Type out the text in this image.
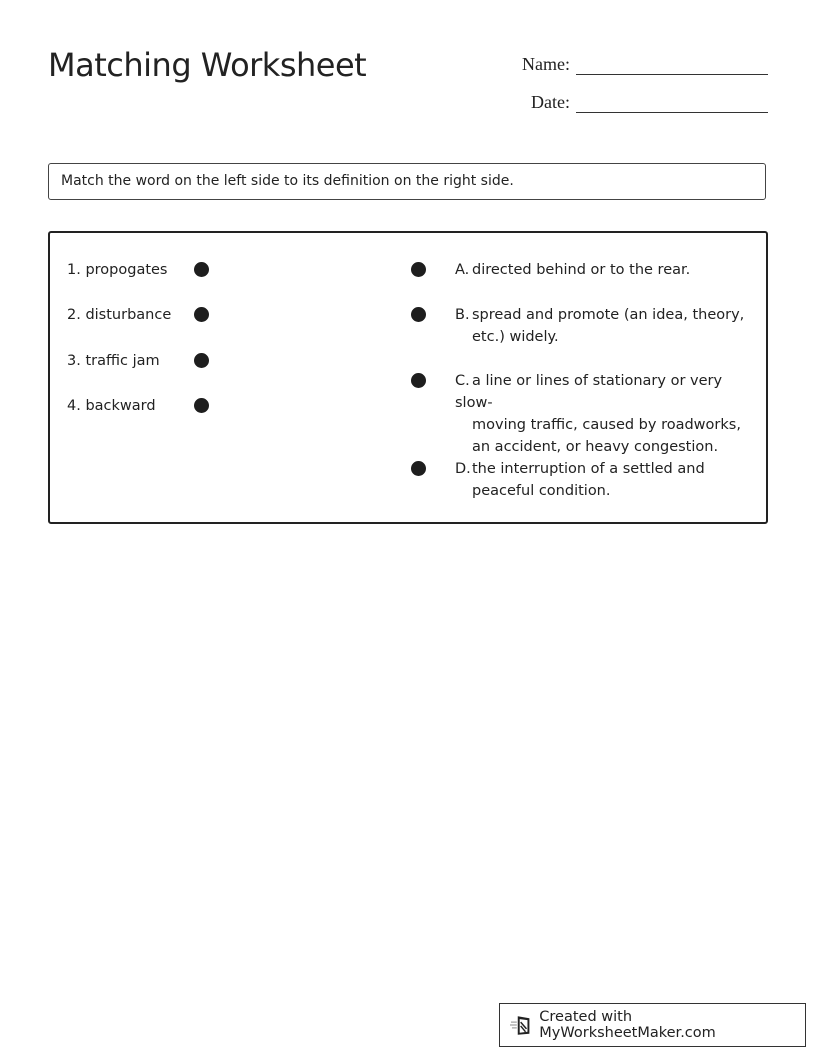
Matching Worksheet	Name:
Date:
Match the word on the left side to its definition on the right side.
1. propogates
2. disturbance
3. traffic jam
4. backward
A. directed behind or to the rear.
B. spread and promote (an idea, theory,
etc.) widely.
C. a line or lines of stationary or very slow-
moving traffic, caused by roadworks, an accident, or heavy congestion.
D.the interruption of a settled and
peaceful condition.
Created with MyWorksheetMaker.com
